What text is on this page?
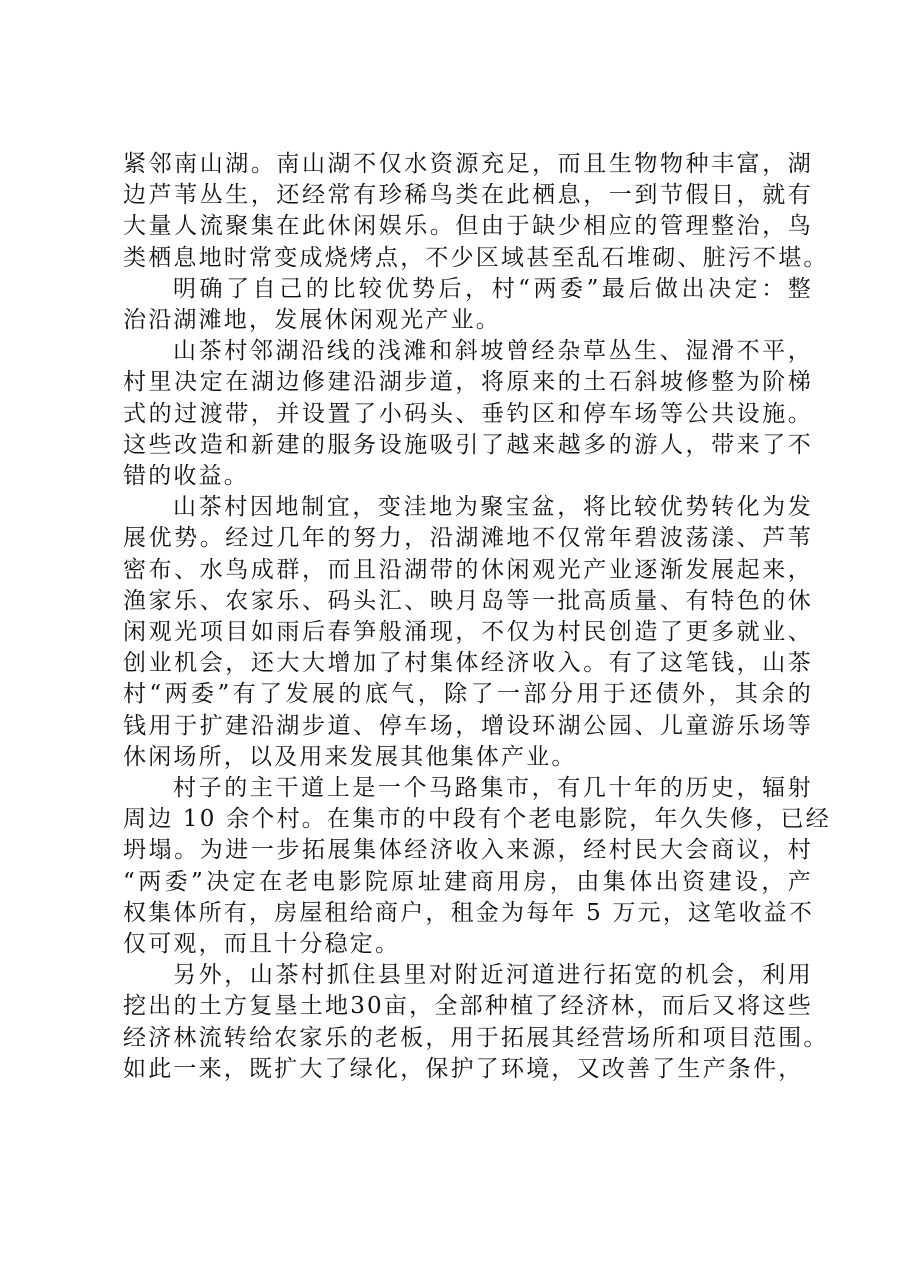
紧邻南山湖。南山湖不仅水资源充足，而且生物物种丰富，湖
边芦苇丛生，还经常有珍稀鸟类在此栖息，一到节假日，就有
大量人流聚集在此休闲娱乐。但由于缺少相应的管理整治，鸟
类栖息地时常变成烧烤点，不少区域甚至乱石堆砌、脏污不堪。
明确了自己的比较优势后，村“两委”最后做出决定：整
治沿湖滩地，发展休闲观光产业。
山茶村邻湖沿线的浅滩和斜坡曾经杂草丛生、湿滑不平，
村里决定在湖边修建沿湖步道，将原来的土石斜坡修整为阶梯
式的过渡带，并设置了小码头、垂钓区和停车场等公共设施。
这些改造和新建的服务设施吸引了越来越多的游人，带来了不
错的收益。
山茶村因地制宜，变洼地为聚宝盆，将比较优势转化为发
展优势。经过几年的努力，沿湖滩地不仅常年碧波荡漾、芦苇
密布、水鸟成群，而且沿湖带的休闲观光产业逐渐发展起来，
渔家乐、农家乐、码头汇、映月岛等一批高质量、有特色的休
闲观光项目如雨后春笋般涌现，不仅为村民创造了更多就业、
创业机会，还大大增加了村集体经济收入。有了这笔钱，山茶
村“两委”有了发展的底气，除了一部分用于还债外，其余的
钱用于扩建沿湖步道、停车场，增设环湖公园、儿童游乐场等
休闲场所，以及用来发展其他集体产业。
村子的主干道上是一个马路集市，有几十年的历史，辐射
周边 10 余个村。在集市的中段有个老电影院，年久失修，已经
坍塌。为进一步拓展集体经济收入来源，经村民大会商议，村
“两委”决定在老电影院原址建商用房，由集体出资建设，产
权集体所有，房屋租给商户，租金为每年 5 万元，这笔收益不
仅可观，而且十分稳定。
另外，山茶村抓住县里对附近河道进行拓宽的机会，利用
挖出的土方复垦土地30亩，全部种植了经济林，而后又将这些
经济林流转给农家乐的老板，用于拓展其经营场所和项目范围。
如此一来，既扩大了绿化，保护了环境，又改善了生产条件，
